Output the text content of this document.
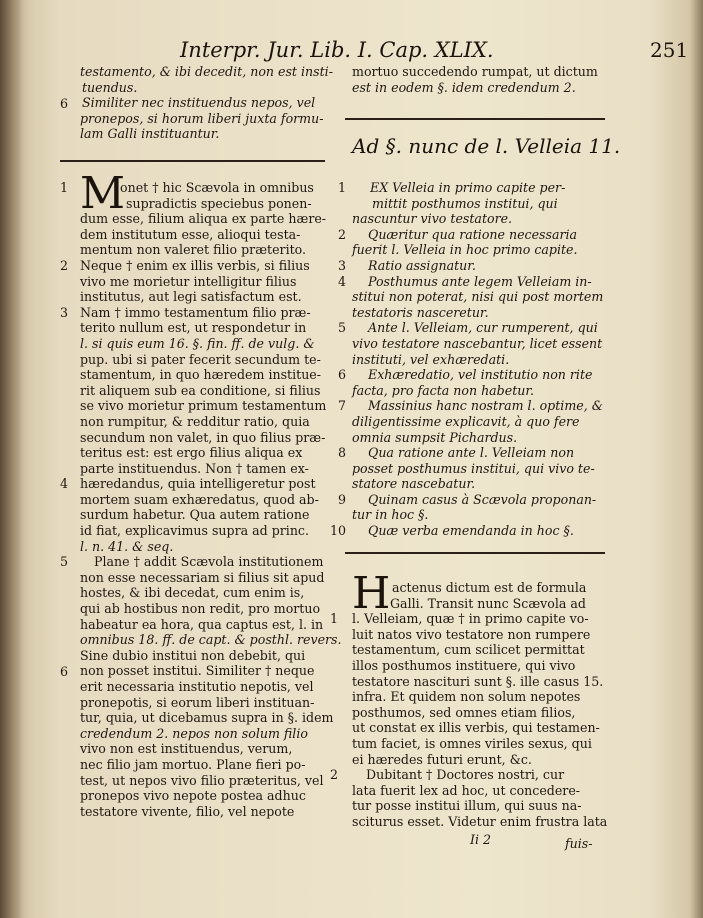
Interpr. Jur. Lib. I. Cap. XLIX.	251
testamento, & ibi decedit, non est insti-
tuendus.
Similiter nec instituendus nepos, vel
pronepos, si horum liberi juxta formu-
lam Galli instituantur.
6
mortuo succedendo rumpat, ut dictum
est in eodem §. idem credendum 2.
Ad §. nunc de l. Velleia 11.
EX Velleia in primo capite per-
mittit posthumos institui, qui
nascuntur vivo testatore.
Quæritur qua ratione necessaria
fuerit l. Velleia in hoc primo capite.
Ratio assignatur.
Posthumus ante legem Velleiam in-
stitui non poterat, nisi qui post mortem
testatoris nasceretur.
Ante l. Velleiam, cur rumperent, qui
vivo testatore nascebantur, licet essent
instituti, vel exhæredati.
Exhæredatio, vel institutio non rite
facta, pro facta non habetur.
Massinius hanc nostram l. optime, &
diligentissime explicavit, à quo fere
omnia sumpsit Pichardus.
Qua ratione ante l. Velleiam non
posset posthumus institui, qui vivo te-
statore nascebatur.
Quinam casus à Scævola proponan-
tur in hoc §.
Quæ verba emendanda in hoc §.
1
2
3
4
5
6
7
8
9
10
M
onet † hic Scævola in omnibus
supradictis speciebus ponen-
dum esse, filium aliqua ex parte hære-
dem institutum esse, alioqui testa-
mentum non valeret filio præterito.
Neque † enim ex illis verbis, si filius
vivo me morietur intelligitur filius
institutus, aut legi satisfactum est.
Nam † immo testamentum filio præ-
terito nullum est, ut respondetur in
l. si quis eum 16. §. fin. ff. de vulg. &
pup. ubi si pater fecerit secundum te-
stamentum, in quo hæredem institue-
rit aliquem sub ea conditione, si filius
se vivo morietur primum testamentum
non rumpitur, & redditur ratio, quia
secundum non valet, in quo filius præ-
teritus est: est ergo filius aliqua ex
parte instituendus. Non † tamen ex-
hæredandus, quia intelligeretur post
mortem suam exhæredatus, quod ab-
surdum habetur. Qua autem ratione
id fiat, explicavimus supra ad princ.
l. n. 41. & seq.
Plane † addit Scævola institutionem
non esse necessariam si filius sit apud
hostes, & ibi decedat, cum enim is,
qui ab hostibus non redit, pro mortuo
habeatur ea hora, qua captus est, l. in
omnibus 18. ff. de capt. & posthl. revers.
Sine dubio institui non debebit, qui
non posset institui. Similiter † neque
erit necessaria institutio nepotis, vel
pronepotis, si eorum liberi instituan-
tur, quia, ut dicebamus supra in §. idem
credendum 2. nepos non solum filio
vivo non est instituendus, verum,
nec filio jam mortuo. Plane fieri po-
test, ut nepos vivo filio præteritus, vel
pronepos vivo nepote postea adhuc
testatore vivente, filio, vel nepote
1
2
3
4
5
6
H actenus dictum est de formula
Galli. Transit nunc Scævola ad
l. Velleiam, quæ † in primo capite vo-
luit natos vivo testatore non rumpere
testamentum, cum scilicet permittat
illos posthumos instituere, qui vivo
testatore nascituri sunt §. ille casus 15.
infra. Et quidem non solum nepotes
posthumos, sed omnes etiam filios,
ut constat ex illis verbis, qui testamen-
tum faciet, is omnes viriles sexus, qui
ei hæredes futuri erunt, &c.
Dubitant † Doctores nostri, cur
lata fuerit lex ad hoc, ut concedere-
tur posse institui illum, qui suus na-
sciturus esset. Videtur enim frustra lata
1
2
Ii 2	fuis-
